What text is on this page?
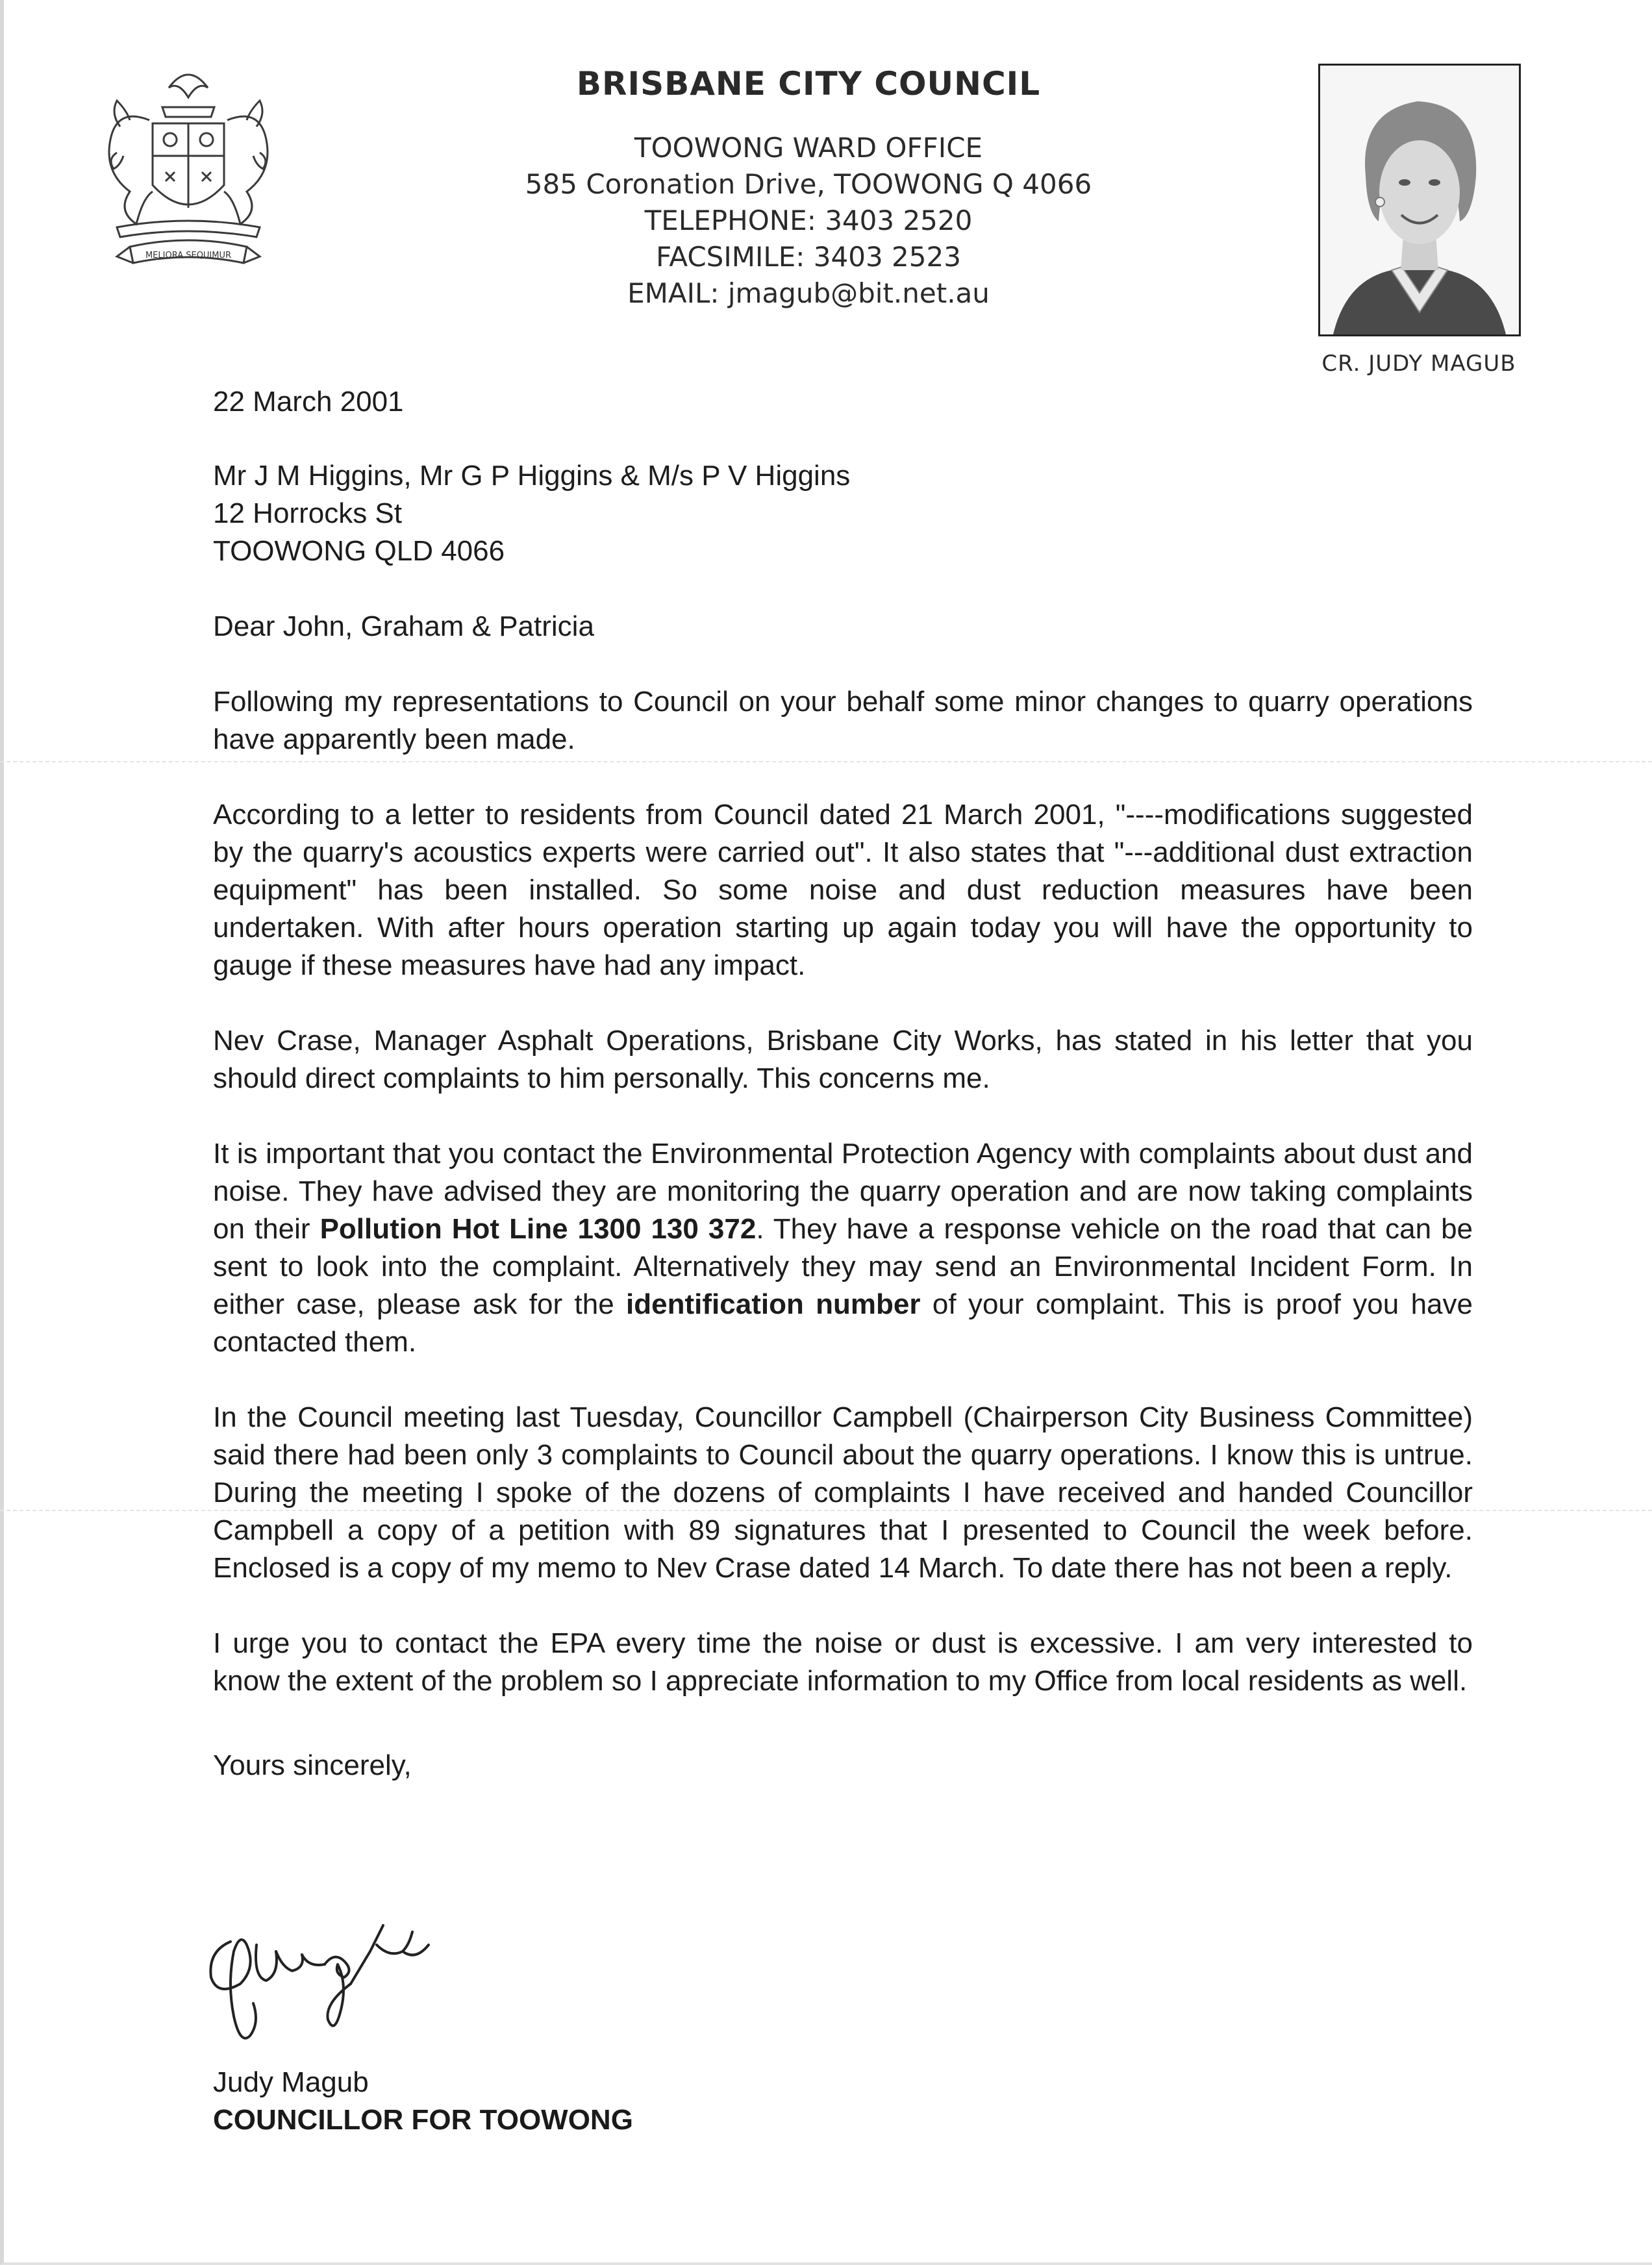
MELIORA SEQUIMUR
BRISBANE CITY COUNCIL
TOOWONG WARD OFFICE
585 Coronation Drive, TOOWONG Q 4066
TELEPHONE: 3403 2520
FACSIMILE: 3403 2523
EMAIL: jmagub@bit.net.au
CR. JUDY MAGUB

22 March 2001

Mr J M Higgins, Mr G P Higgins & M/s P V Higgins

12 Horrocks St

TOOWONG QLD 4066

Dear John, Graham & Patricia

Following my representations to Council on your behalf some minor changes to quarry operations have apparently been made.

According to a letter to residents from Council dated 21 March 2001, "----modifications suggested by the quarry's acoustics experts were carried out". It also states that "---additional dust extraction equipment" has been installed. So some noise and dust reduction measures have been undertaken. With after hours operation starting up again today you will have the opportunity to gauge if these measures have had any impact.

Nev Crase, Manager Asphalt Operations, Brisbane City Works, has stated in his letter that you should direct complaints to him personally. This concerns me.

It is important that you contact the Environmental Protection Agency with complaints about dust and noise. They have advised they are monitoring the quarry operation and are now taking complaints on their Pollution Hot Line 1300 130 372. They have a response vehicle on the road that can be sent to look into the complaint. Alternatively they may send an Environmental Incident Form. In either case, please ask for the identification number of your complaint. This is proof you have contacted them.

In the Council meeting last Tuesday, Councillor Campbell (Chairperson City Business Committee) said there had been only 3 complaints to Council about the quarry operations. I know this is untrue. During the meeting I spoke of the dozens of complaints I have received and handed Councillor Campbell a copy of a petition with 89 signatures that I presented to Council the week before. Enclosed is a copy of my memo to Nev Crase dated 14 March. To date there has not been a reply.

I urge you to contact the EPA every time the noise or dust is excessive. I am very interested to know the extent of the problem so I appreciate information to my Office from local residents as well.

Yours sincerely,

Judy Magub
COUNCILLOR FOR TOOWONG
